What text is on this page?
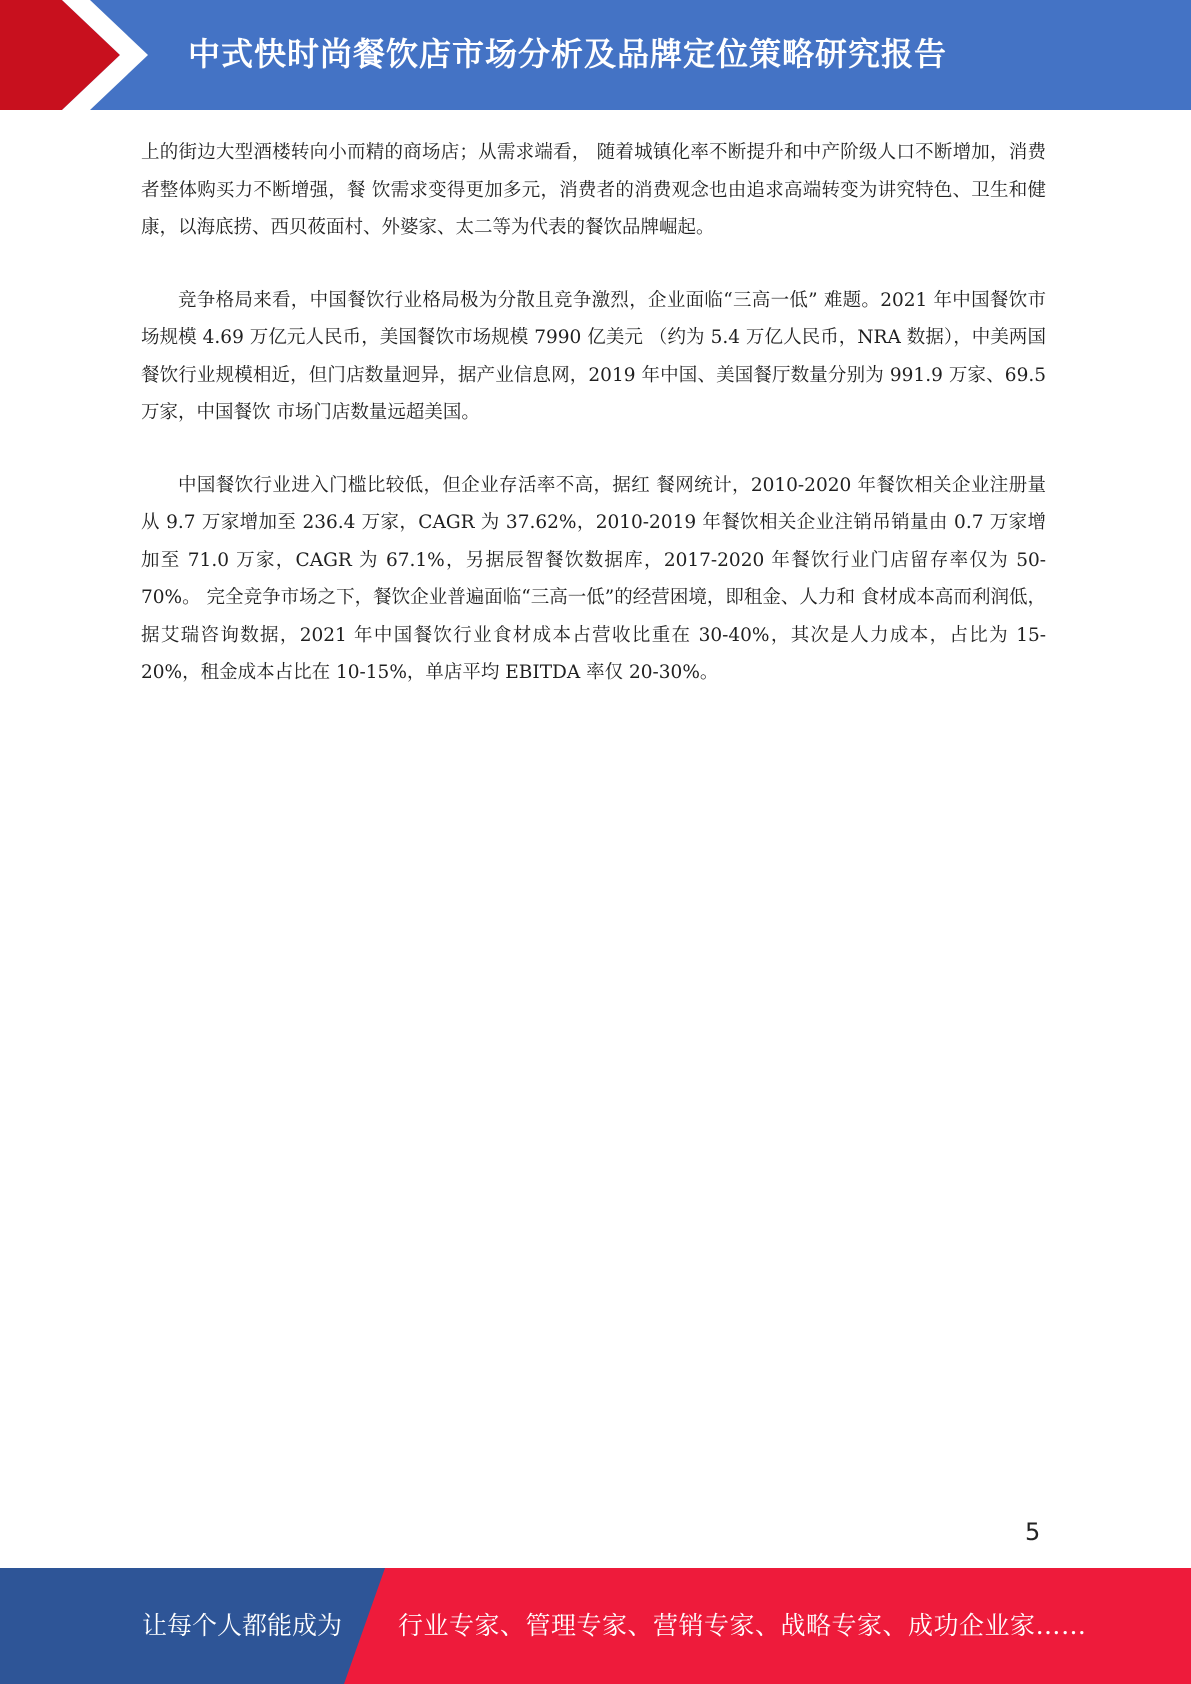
中式快时尚餐饮店市场分析及品牌定位策略研究报告

上的街边大型酒楼转向小而精的商场店；从需求端看， 随着城镇化率不断提升和中产阶级人口不断增加，消费者整体购买力不断增强，餐 饮需求变得更加多元，消费者的消费观念也由追求高端转变为讲究特色、卫生和健 康，以海底捞、西贝莜面村、外婆家、太二等为代表的餐饮品牌崛起。

竞争格局来看，中国餐饮行业格局极为分散且竞争激烈，企业面临“三高一低” 难题。2021 年中国餐饮市场规模 4.69 万亿元人民币，美国餐饮市场规模 7990 亿美元 （约为 5.4 万亿人民币，NRA 数据），中美两国餐饮行业规模相近，但门店数量迥异，据产业信息网，2019 年中国、美国餐厅数量分别为 991.9 万家、69.5 万家，中国餐饮 市场门店数量远超美国。

中国餐饮行业进入门槛比较低，但企业存活率不高，据红 餐网统计，2010-2020 年餐饮相关企业注册量从 9.7 万家增加至 236.4 万家，CAGR 为 37.62%，2010-2019 年餐饮相关企业注销吊销量由 0.7 万家增加至 71.0 万家，CAGR 为 67.1%，另据辰智餐饮数据库，2017-2020 年餐饮行业门店留存率仅为 50-70%。 完全竞争市场之下，餐饮企业普遍面临“三高一低”的经营困境，即租金、人力和 食材成本高而利润低，据艾瑞咨询数据，2021 年中国餐饮行业食材成本占营收比重在 30-40%，其次是人力成本，占比为 15-20%，租金成本占比在 10-15%，单店平均 EBITDA 率仅 20-30%。

5
让每个人都能成为 行业专家、管理专家、营销专家、战略专家、成功企业家……
